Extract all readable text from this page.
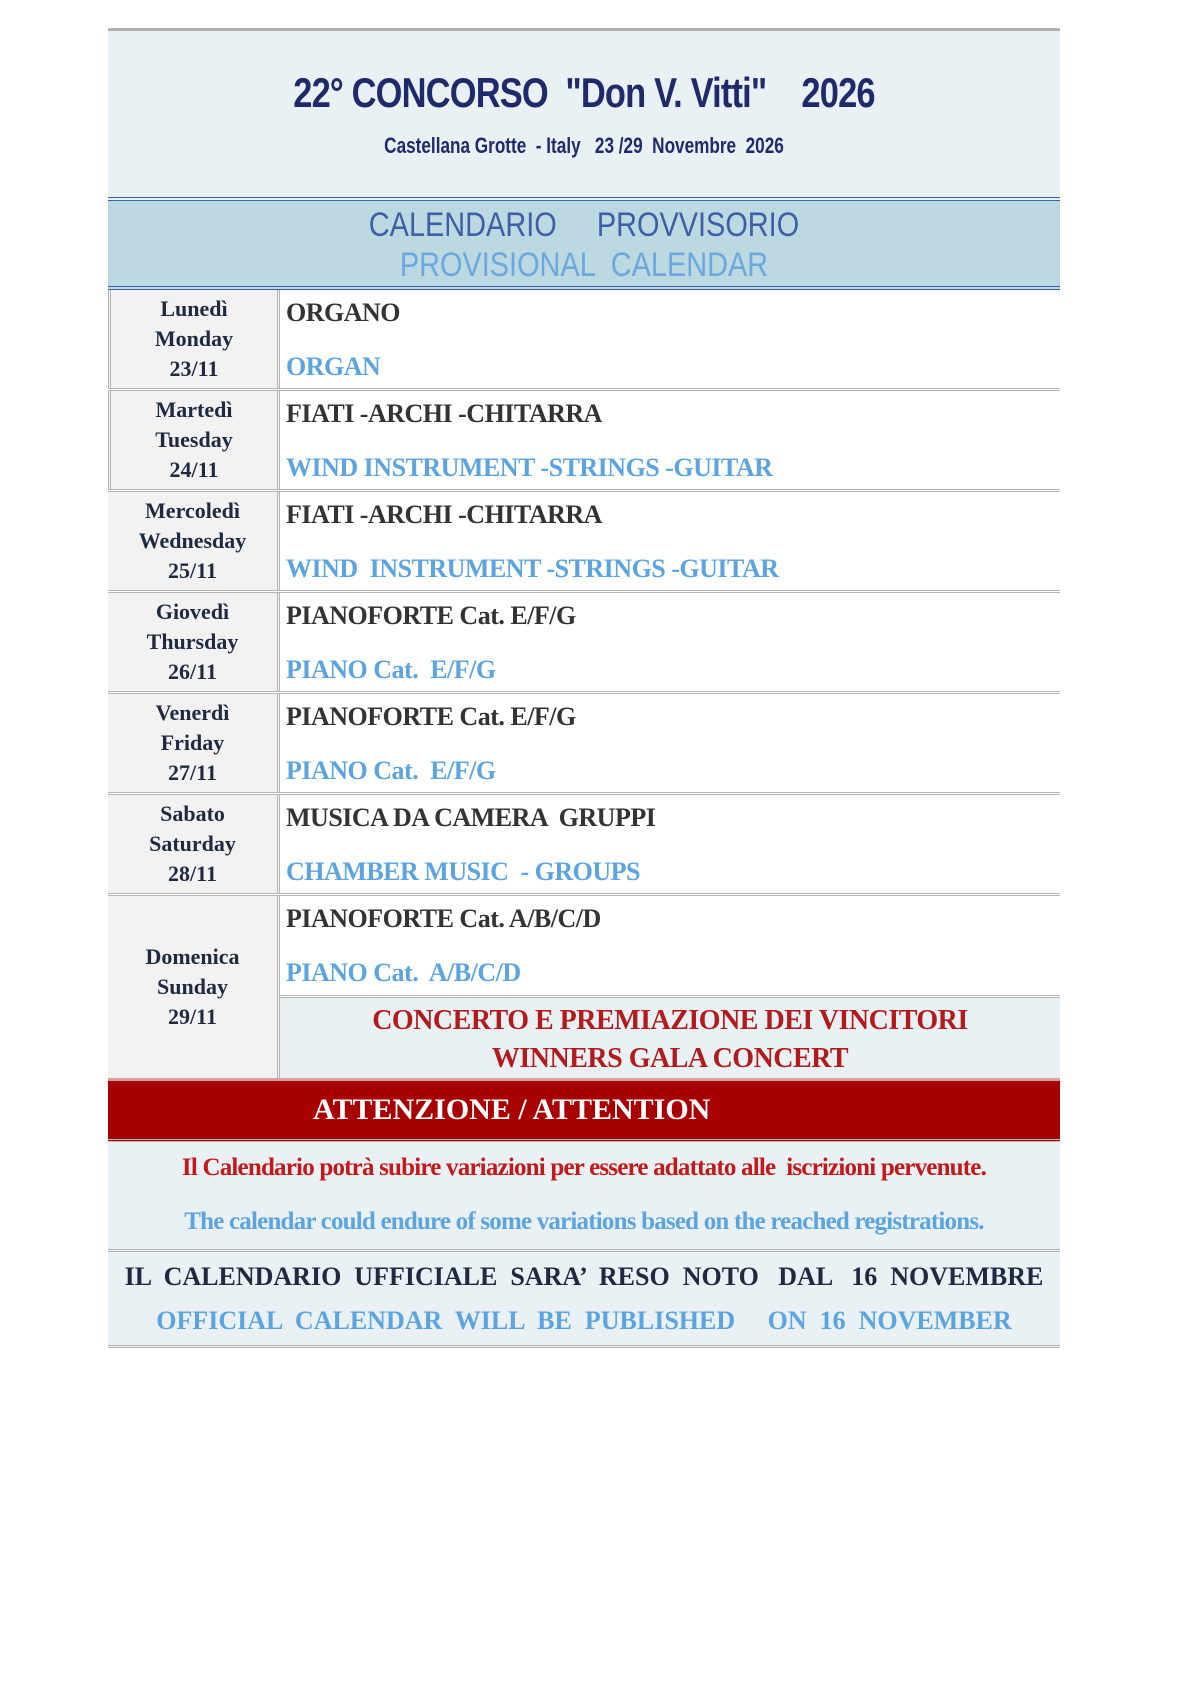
22° CONCORSO  "Don V. Vitti"    2026
Castellana Grotte  - Italy   23 /29  Novembre  2026
CALENDARIO     PROVVISORIO
PROVISIONAL  CALENDAR
Lunedì
Monday
23/11
ORGANO
ORGAN
Martedì
Tuesday
24/11
FIATI -ARCHI -CHITARRA
WIND INSTRUMENT -STRINGS -GUITAR
Mercoledì
Wednesday
25/11
FIATI -ARCHI -CHITARRA
WIND  INSTRUMENT -STRINGS -GUITAR
Giovedì
Thursday
26/11
PIANOFORTE Cat. E/F/G
PIANO Cat.  E/F/G
Venerdì
Friday
27/11
PIANOFORTE Cat. E/F/G
PIANO Cat.  E/F/G
Sabato
Saturday
28/11
MUSICA DA CAMERA  GRUPPI
CHAMBER MUSIC  - GROUPS
Domenica
Sunday
29/11
PIANOFORTE Cat. A/B/C/D
PIANO Cat.  A/B/C/D
CONCERTO E PREMIAZIONE DEI VINCITORI
WINNERS GALA CONCERT
ATTENZIONE / ATTENTION
Il Calendario potrà subire variazioni per essere adattato alle  iscrizioni pervenute.
The calendar could endure of some variations based on the reached registrations.
IL  CALENDARIO  UFFICIALE  SARA’  RESO  NOTO   DAL   16  NOVEMBRE
OFFICIAL  CALENDAR  WILL  BE  PUBLISHED     ON  16  NOVEMBER
